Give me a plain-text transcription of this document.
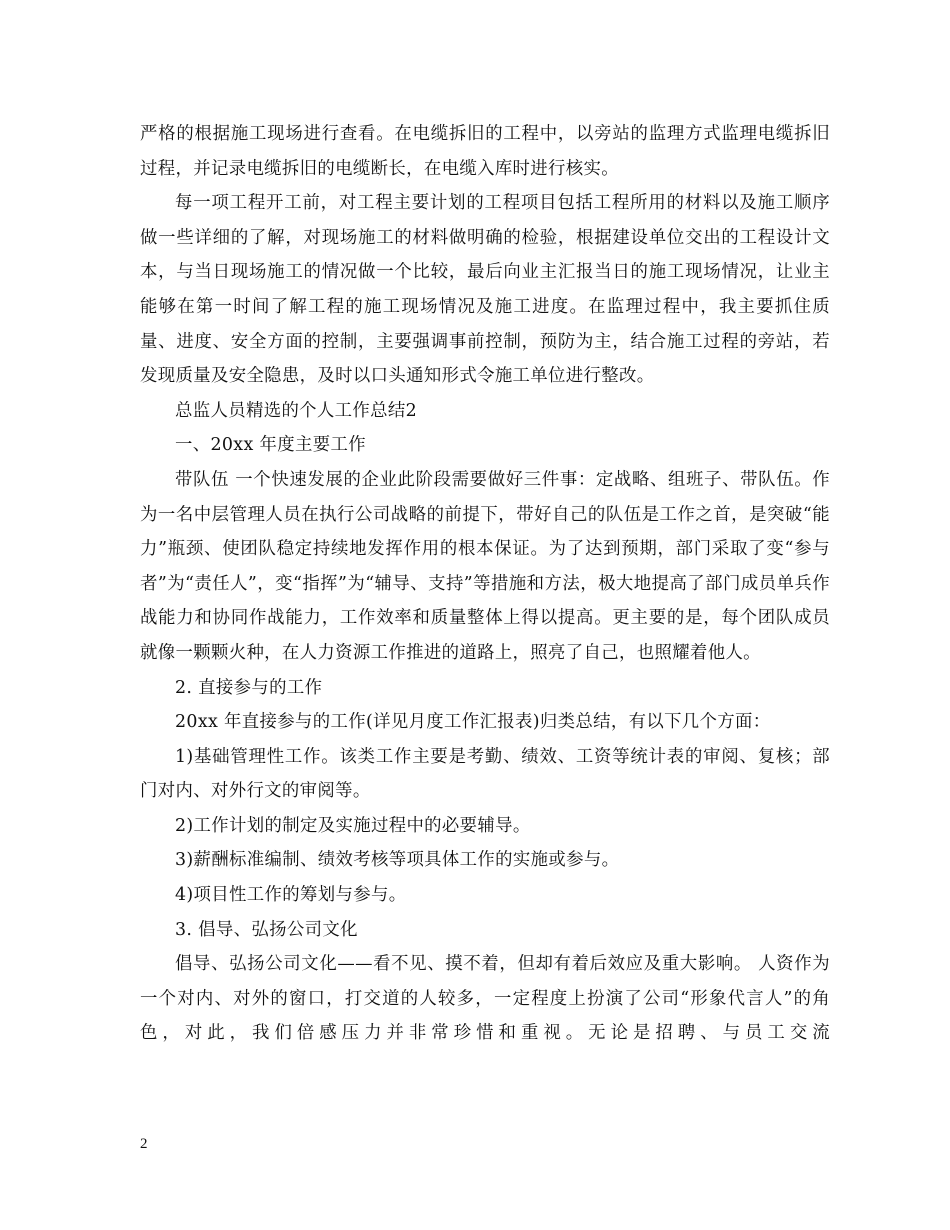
严格的根据施工现场进行查看。在电缆拆旧的工程中，以旁站的监理方式监理电缆拆旧过程，并记录电缆拆旧的电缆断长，在电缆入库时进行核实。

每一项工程开工前，对工程主要计划的工程项目包括工程所用的材料以及施工顺序做一些详细的了解，对现场施工的材料做明确的检验，根据建设单位交出的工程设计文本，与当日现场施工的情况做一个比较，最后向业主汇报当日的施工现场情况，让业主能够在第一时间了解工程的施工现场情况及施工进度。在监理过程中，我主要抓住质量、进度、安全方面的控制，主要强调事前控制，预防为主，结合施工过程的旁站，若发现质量及安全隐患，及时以口头通知形式令施工单位进行整改。

总监人员精选的个人工作总结2

一、20xx 年度主要工作

带队伍 一个快速发展的企业此阶段需要做好三件事：定战略、组班子、带队伍。作为一名中层管理人员在执行公司战略的前提下，带好自己的队伍是工作之首，是突破“能力”瓶颈、使团队稳定持续地发挥作用的根本保证。为了达到预期，部门采取了变“参与者”为“责任人”，变“指挥”为“辅导、支持”等措施和方法，极大地提高了部门成员单兵作战能力和协同作战能力，工作效率和质量整体上得以提高。更主要的是，每个团队成员就像一颗颗火种，在人力资源工作推进的道路上，照亮了自己，也照耀着他人。

2. 直接参与的工作

20xx 年直接参与的工作(详见月度工作汇报表)归类总结，有以下几个方面：

1)基础管理性工作。该类工作主要是考勤、绩效、工资等统计表的审阅、复核；部门对内、对外行文的审阅等。

2)工作计划的制定及实施过程中的必要辅导。

3)薪酬标准编制、绩效考核等项具体工作的实施或参与。

4)项目性工作的筹划与参与。

3. 倡导、弘扬公司文化

倡导、弘扬公司文化——看不见、摸不着，但却有着后效应及重大影响。 人资作为一个对内、对外的窗口，打交道的人较多，一定程度上扮演了公司“形象代言人”的角色，对此，我们倍感压力并非常珍惜和重视。无论是招聘、与员工交流

2
